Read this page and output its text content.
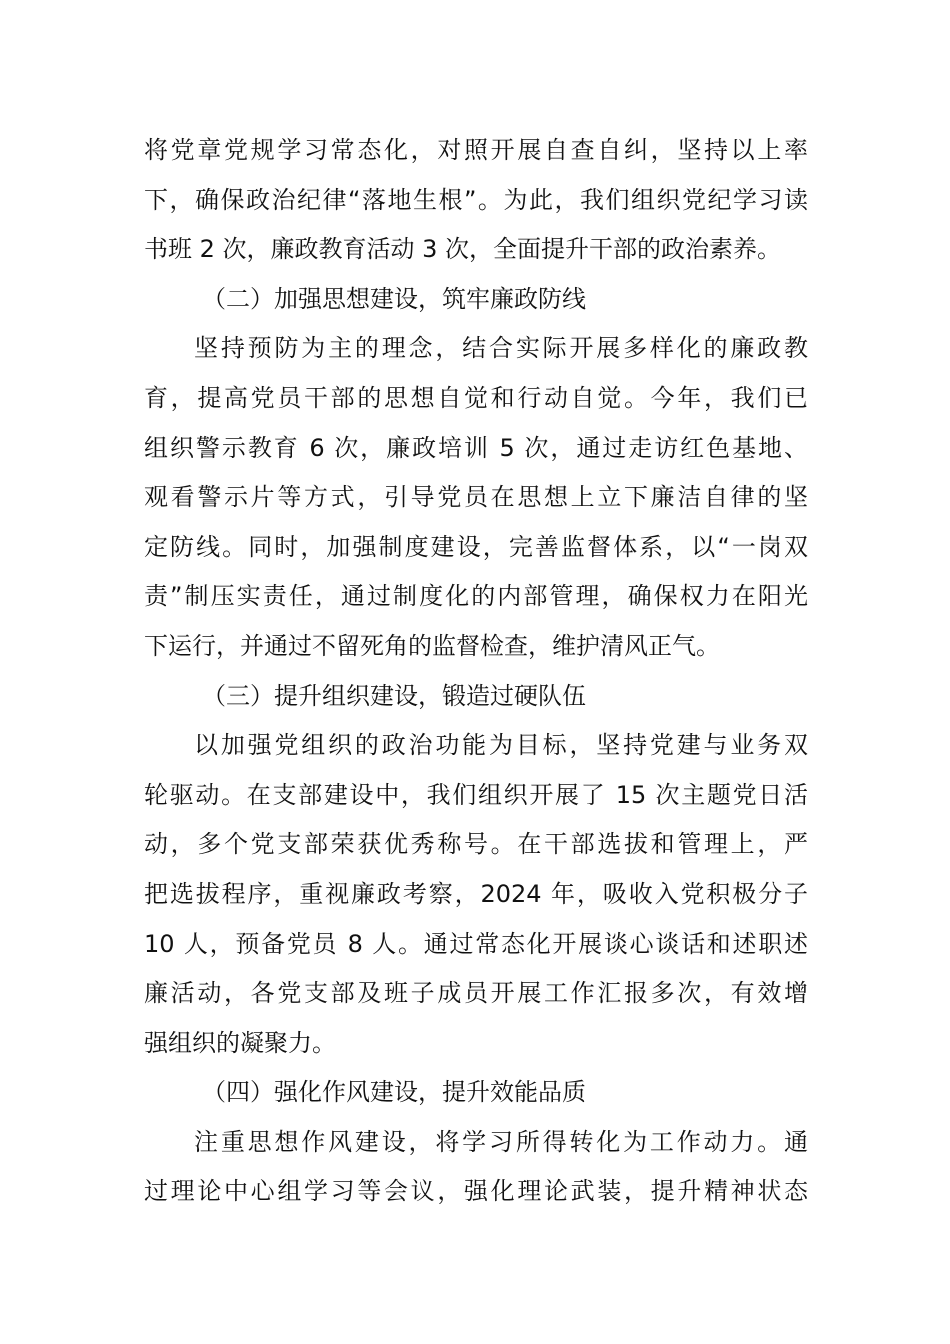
将党章党规学习常态化，对照开展自查自纠，坚持以上率
下，确保政治纪律“落地生根”。为此，我们组织党纪学习读
书班 2 次，廉政教育活动 3 次，全面提升干部的政治素养。
（二）加强思想建设，筑牢廉政防线
坚持预防为主的理念，结合实际开展多样化的廉政教
育，提高党员干部的思想自觉和行动自觉。今年，我们已
组织警示教育 6 次，廉政培训 5 次，通过走访红色基地、
观看警示片等方式，引导党员在思想上立下廉洁自律的坚
定防线。同时，加强制度建设，完善监督体系，以“一岗双
责”制压实责任，通过制度化的内部管理，确保权力在阳光
下运行，并通过不留死角的监督检查，维护清风正气。
（三）提升组织建设，锻造过硬队伍
以加强党组织的政治功能为目标，坚持党建与业务双
轮驱动。在支部建设中，我们组织开展了 15 次主题党日活
动，多个党支部荣获优秀称号。在干部选拔和管理上，严
把选拔程序，重视廉政考察，2024 年，吸收入党积极分子
10 人，预备党员 8 人。通过常态化开展谈心谈话和述职述
廉活动，各党支部及班子成员开展工作汇报多次，有效增
强组织的凝聚力。
（四）强化作风建设，提升效能品质
注重思想作风建设，将学习所得转化为工作动力。通
过理论中心组学习等会议，强化理论武装，提升精神状态
